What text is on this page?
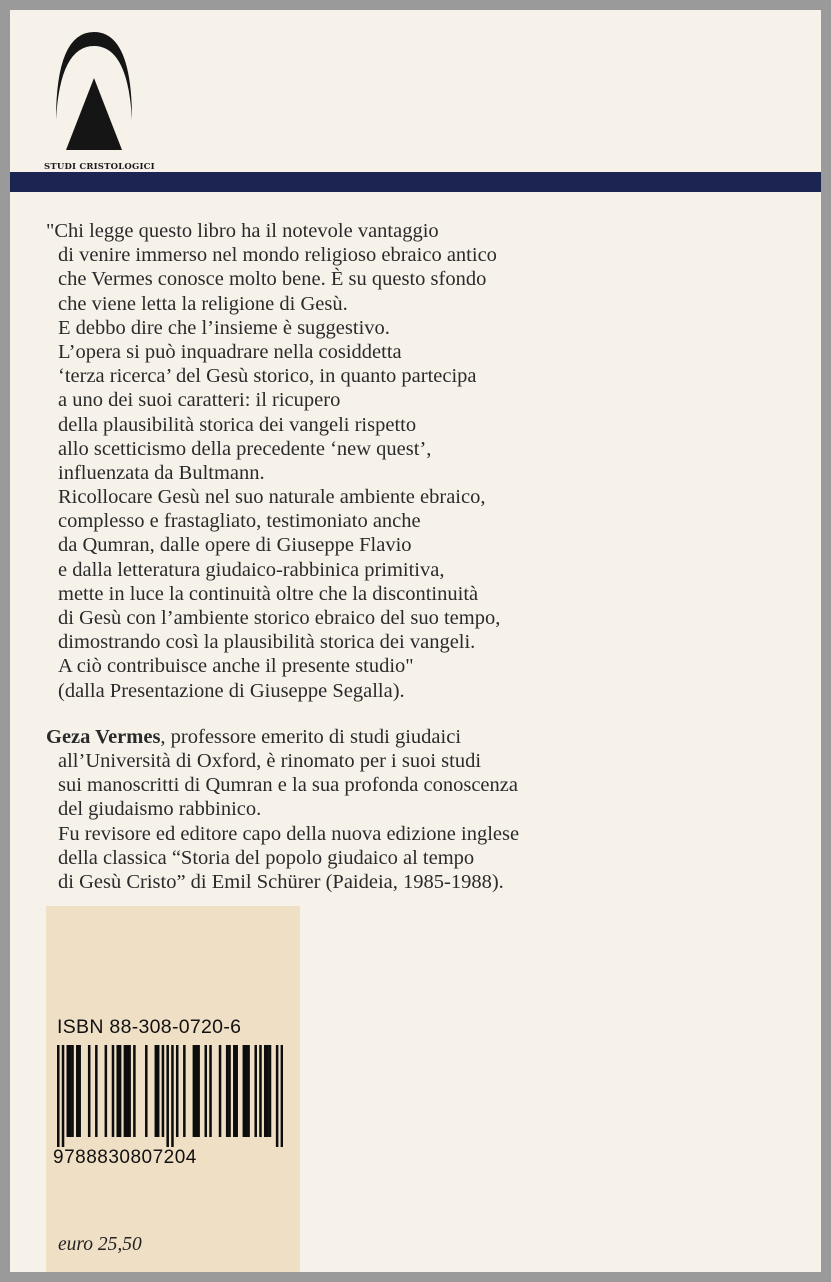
STUDI CRISTOLOGICI
"Chi legge questo libro ha il notevole vantaggio
di venire immerso nel mondo religioso ebraico antico
che Vermes conosce molto bene. È su questo sfondo
che viene letta la religione di Gesù.
E debbo dire che l’insieme è suggestivo.
L’opera si può inquadrare nella cosiddetta
‘terza ricerca’ del Gesù storico, in quanto partecipa
a uno dei suoi caratteri: il ricupero
della plausibilità storica dei vangeli rispetto
allo scetticismo della precedente ‘new quest’,
influenzata da Bultmann.
Ricollocare Gesù nel suo naturale ambiente ebraico,
complesso e frastagliato, testimoniato anche
da Qumran, dalle opere di Giuseppe Flavio
e dalla letteratura giudaico-rabbinica primitiva,
mette in luce la continuità oltre che la discontinuità
di Gesù con l’ambiente storico ebraico del suo tempo,
dimostrando così la plausibilità storica dei vangeli.
A ciò contribuisce anche il presente studio"
(dalla Presentazione di Giuseppe Segalla).
Geza Vermes, professore emerito di studi giudaici
all’Università di Oxford, è rinomato per i suoi studi
sui manoscritti di Qumran e la sua profonda conoscenza
del giudaismo rabbinico.
Fu revisore ed editore capo della nuova edizione inglese
della classica “Storia del popolo giudaico al tempo
di Gesù Cristo” di Emil Schürer (Paideia, 1985-1988).
ISBN 88-308-0720-6
9788830807204
euro 25,50
